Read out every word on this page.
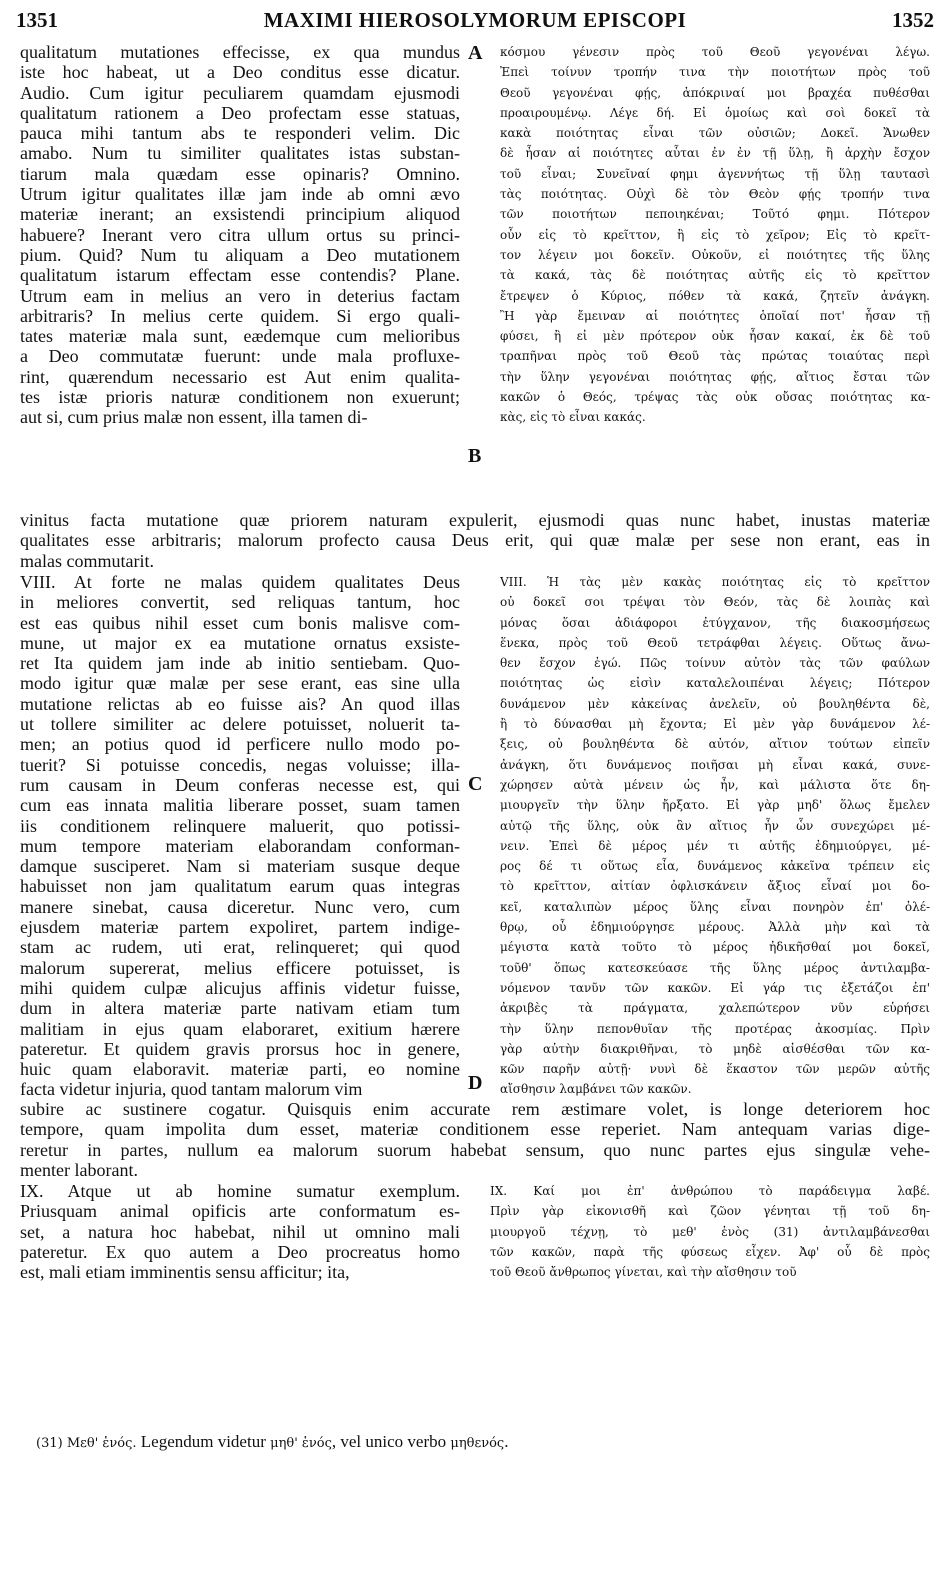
1351	MAXIMI HIEROSOLYMORUM EPISCOPI	1352
qualitatum mutationes effecisse, ex qua mundus
iste hoc habeat, ut a Deo conditus esse dicatur.
Audio. Cum igitur peculiarem quamdam ejusmodi
qualitatum rationem a Deo profectam esse statuas,
pauca mihi tantum abs te responderi velim. Dic
amabo. Num tu similiter qualitates istas substan-
tiarum mala quædam esse opinaris? Omnino.
Utrum igitur qualitates illæ jam inde ab omni ævo
materiæ inerant; an exsistendi principium aliquod
habuere? Inerant vero citra ullum ortus su princi-
pium. Quid? Num tu aliquam a Deo mutationem
qualitatum istarum effectam esse contendis? Plane.
Utrum eam in melius an vero in deterius factam
arbitraris? In melius certe quidem. Si ergo quali-
tates materiæ mala sunt, eædemque cum melioribus
a Deo commutatæ fuerunt: unde mala profluxe-
rint, quærendum necessario est Aut enim qualita-
tes istæ prioris naturæ conditionem non exuerunt;
aut si, cum prius malæ non essent, illa tamen di-
κόσμου γένεσιν πρὸς τοῦ Θεοῦ γεγονέναι λέγω.
Ἐπεὶ τοίνυν τροπήν τινα τὴν ποιοτήτων πρὸς τοῦ
Θεοῦ γεγονέναι φῄς, ἀπόκριναί μοι βραχέα πυθέσθαι
προαιρουμένῳ. Λέγε δή. Εἰ ὁμοίως καὶ σοὶ δοκεῖ τὰ
κακὰ ποιότητας εἶναι τῶν οὐσιῶν; Δοκεῖ. Ἄνωθεν
δὲ ἦσαν αἱ ποιότητες αὗται ἐν ἐν τῇ ὕλῃ, ἢ ἀρχὴν ἔσχον
τοῦ εἶναι; Συνεῖναί φημι ἀγεννήτως τῇ ὕλῃ ταυτασὶ
τὰς ποιότητας. Οὐχὶ δὲ τὸν Θεὸν φῄς τροπήν τινα
τῶν ποιοτήτων πεποιηκέναι; Τοῦτό φημι. Πότερον
οὖν εἰς τὸ κρεῖττον, ἢ εἰς τὸ χεῖρον; Εἰς τὸ κρεῖτ-
τον λέγειν μοι δοκεῖν. Οὐκοῦν, εἰ ποιότητες τῆς ὕλης
τὰ κακά, τὰς δὲ ποιότητας αὐτῆς εἰς τὸ κρεῖττον
ἔτρεψεν ὁ Κύριος, πόθεν τὰ κακά, ζητεῖν ἀνάγκη.
Ἢ γὰρ ἔμειναν αἱ ποιότητες ὁποῖαί ποτ' ἦσαν τῇ
φύσει, ἢ εἰ μὲν πρότερον οὐκ ἦσαν κακαί, ἐκ δὲ τοῦ
τραπῆναι πρὸς τοῦ Θεοῦ τὰς πρώτας τοιαύτας περὶ
τὴν ὕλην γεγονέναι ποιότητας φῄς, αἴτιος ἔσται τῶν
κακῶν ὁ Θεός, τρέψας τὰς οὐκ οὔσας ποιότητας κα-
κὰς, εἰς τὸ εἶναι κακάς.
vinitus facta mutatione quæ priorem naturam expulerit, ejusmodi quas nunc habet, inustas materiæ
qualitates esse arbitraris; malorum profecto causa Deus erit, qui quæ malæ per sese non erant, eas in
malas commutarit.
VIII. At forte ne malas quidem qualitates Deus
in meliores convertit, sed reliquas tantum, hoc
est eas quibus nihil esset cum bonis malisve com-
mune, ut major ex ea mutatione ornatus exsiste-
ret Ita quidem jam inde ab initio sentiebam. Quo-
modo igitur quæ malæ per sese erant, eas sine ulla
mutatione relictas ab eo fuisse ais? An quod illas
ut tollere similiter ac delere potuisset, noluerit ta-
men; an potius quod id perficere nullo modo po-
tuerit? Si potuisse concedis, negas voluisse; illa-
rum causam in Deum conferas necesse est, qui
cum eas innata malitia liberare posset, suam tamen
iis conditionem relinquere maluerit, quo potissi-
mum tempore materiam elaborandam conforman-
damque susciperet. Nam si materiam susque deque
habuisset non jam qualitatum earum quas integras
manere sinebat, causa diceretur. Nunc vero, cum
ejusdem materiæ partem expoliret, partem indige-
stam ac rudem, uti erat, relinqueret; qui quod
malorum supererat, melius efficere potuisset, is
mihi quidem culpæ alicujus affinis videtur fuisse,
dum in altera materiæ parte nativam etiam tum
malitiam in ejus quam elaboraret, exitium hærere
pateretur. Et quidem gravis prorsus hoc in genere,
huic quam elaboravit. materiæ parti, eo nomine
facta videtur injuria, quod tantam malorum vim
VIII. Ἡ τὰς μὲν κακὰς ποιότητας εἰς τὸ κρεῖττον
οὐ δοκεῖ σοι τρέψαι τὸν Θεόν, τὰς δὲ λοιπὰς καὶ
μόνας ὅσαι ἀδιάφοροι ἐτύγχανον, τῆς διακοσμήσεως
ἕνεκα, πρὸς τοῦ Θεοῦ τετράφθαι λέγεις. Οὕτως ἄνω-
θεν ἔσχον ἐγώ. Πῶς τοίνυν αὐτὸν τὰς τῶν φαύλων
ποιότητας ὡς εἰσὶν καταλελοιπέναι λέγεις; Πότερον
δυνάμενον μὲν κἀκείνας ἀνελεῖν, οὐ βουληθέντα δὲ,
ἢ τὸ δύνασθαι μὴ ἔχοντα; Εἰ μὲν γὰρ δυνάμενον λέ-
ξεις, οὐ βουληθέντα δὲ αὐτόν, αἴτιον τούτων εἰπεῖν
ἀνάγκη, ὅτι δυνάμενος ποιῆσαι μὴ εἶναι κακά, συνε-
χώρησεν αὐτὰ μένειν ὡς ἦν, καὶ μάλιστα ὅτε δη-
μιουργεῖν τὴν ὕλην ἤρξατο. Εἰ γὰρ μηδ' ὅλως ἔμελεν
αὐτῷ τῆς ὕλης, οὐκ ἂν αἴτιος ἦν ὧν συνεχώρει μέ-
νειν. Ἐπεὶ δὲ μέρος μέν τι αὐτῆς ἐδημιούργει, μέ-
ρος δέ τι οὕτως εἶα, δυνάμενος κἀκεῖνα τρέπειν εἰς
τὸ κρεῖττον, αἰτίαν ὀφλισκάνειν ἄξιος εἶναί μοι δο-
κεῖ, καταλιπὼν μέρος ὕλης εἶναι πονηρὸν ἐπ' ὀλέ-
θρῳ, οὗ ἐδημιούργησε μέρους. Ἀλλὰ μὴν καὶ τὰ
μέγιστα κατὰ τοῦτο τὸ μέρος ἠδικῆσθαί μοι δοκεῖ,
τοῦθ' ὅπως κατεσκεύασε τῆς ὕλης μέρος ἀντιλαμβα-
νόμενον τανῦν τῶν κακῶν. Εἰ γάρ τις ἐξετάζοι ἐπ'
ἀκριβὲς τὰ πράγματα, χαλεπώτερον νῦν εὑρήσει
τὴν ὕλην πεπονθυῖαν τῆς προτέρας ἀκοσμίας. Πρὶν
γὰρ αὐτὴν διακριθῆναι, τὸ μηδὲ αἰσθέσθαι τῶν κα-
κῶν παρῆν αὐτῇ· νυνὶ δὲ ἕκαστον τῶν μερῶν αὐτῆς
αἴσθησιν λαμβάνει τῶν κακῶν.
subire ac sustinere cogatur. Quisquis enim accurate rem æstimare volet, is longe deteriorem hoc
tempore, quam impolita dum esset, materiæ conditionem esse reperiet. Nam antequam varias dige-
reretur in partes, nullum ea malorum suorum habebat sensum, quo nunc partes ejus singulæ vehe-
menter laborant.
IX. Atque ut ab homine sumatur exemplum.
Priusquam animal opificis arte conformatum es-
set, a natura hoc habebat, nihil ut omnino mali
pateretur. Ex quo autem a Deo procreatus homo
est, mali etiam imminentis sensu afficitur; ita,
IX. Καί μοι ἐπ' ἀνθρώπου τὸ παράδειγμα λαβέ.
Πρὶν γὰρ εἰκονισθῆ καὶ ζῶον γένηται τῇ τοῦ δη-
μιουργοῦ τέχνῃ, τὸ μεθ' ἑνὸς (31) ἀντιλαμβάνεσθαι
τῶν κακῶν, παρὰ τῆς φύσεως εἶχεν. Ἀφ' οὗ δὲ πρὸς
τοῦ Θεοῦ ἄνθρωπος γίνεται, καὶ τὴν αἴσθησιν τοῦ
A
B
C
D
(31) Μεθ' ἑνός. Legendum videtur μηθ' ἑνός, vel unico verbo μηθενός.
